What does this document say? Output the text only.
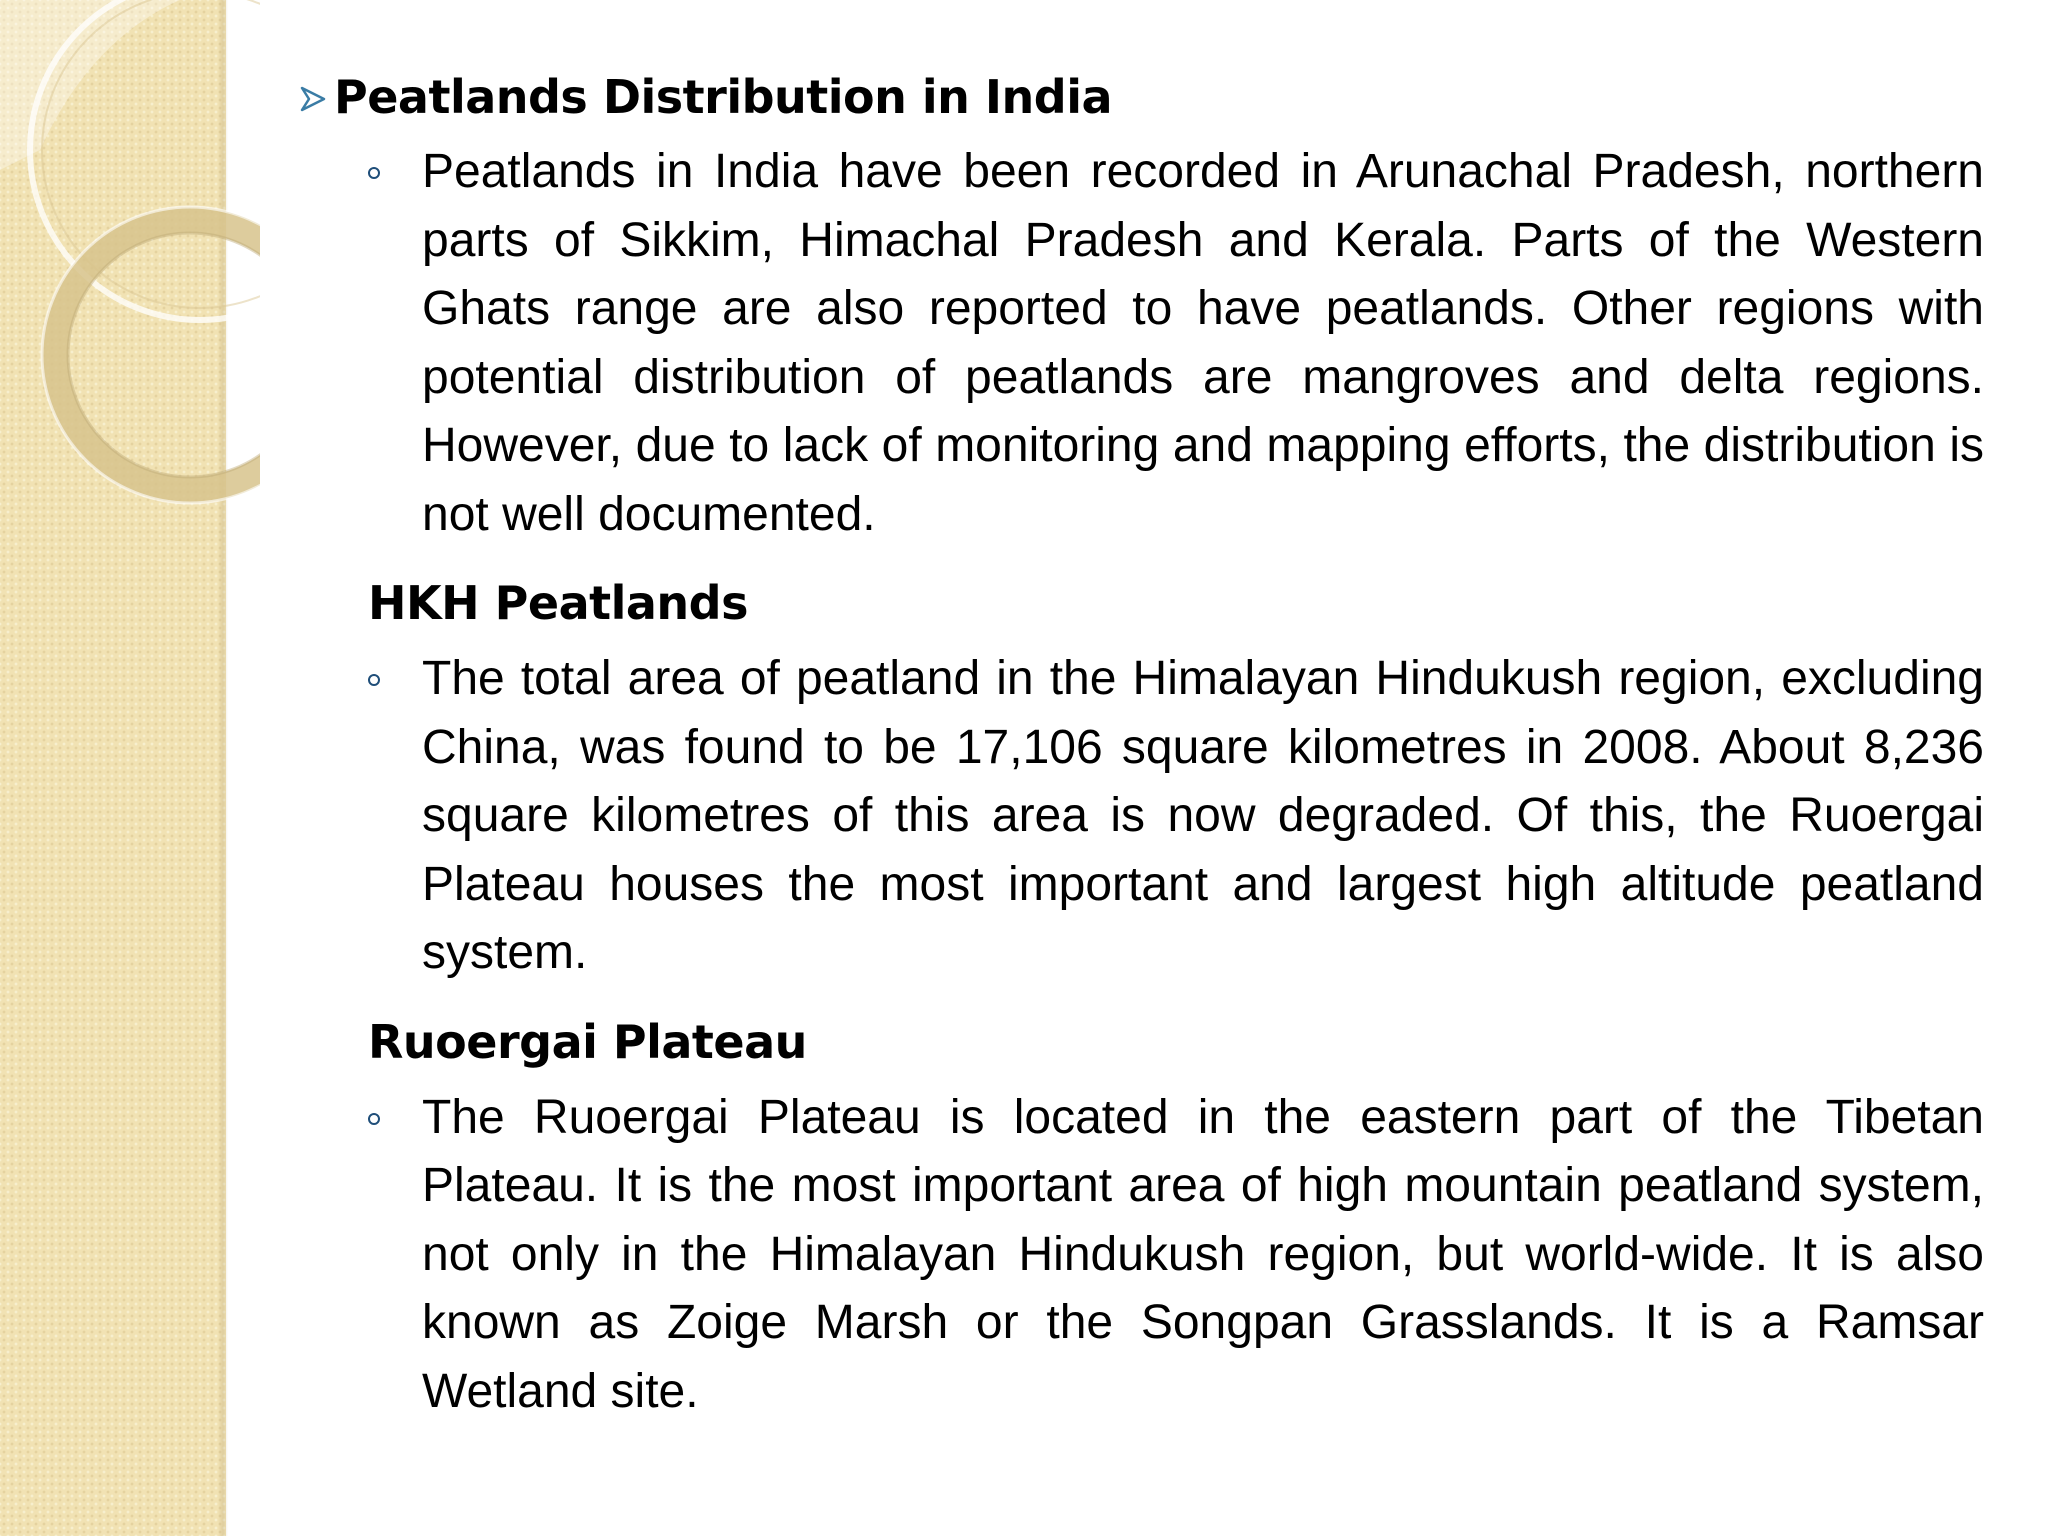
Peatlands Distribution in India
Peatlands in India have been recorded in Arunachal Pradesh, northern parts of Sikkim, Himachal Pradesh and Kerala. Parts of the Western Ghats range are also reported to have peatlands. Other regions with potential distribution of peatlands are mangroves and delta regions. However, due to lack of monitoring and mapping efforts, the distribution is not well documented.
HKH Peatlands
The total area of peatland in the Himalayan Hindukush region, excluding China, was found to be 17,106 square kilometres in 2008. About 8,236 square kilometres of this area is now degraded. Of this, the Ruoergai Plateau houses the most important and largest high altitude peatland system.
Ruoergai Plateau
The Ruoergai Plateau is located in the eastern part of the Tibetan Plateau. It is the most important area of high mountain peatland system, not only in the Himalayan Hindukush region, but world-wide. It is also known as Zoige Marsh or the Songpan Grasslands. It is a Ramsar Wetland site.
